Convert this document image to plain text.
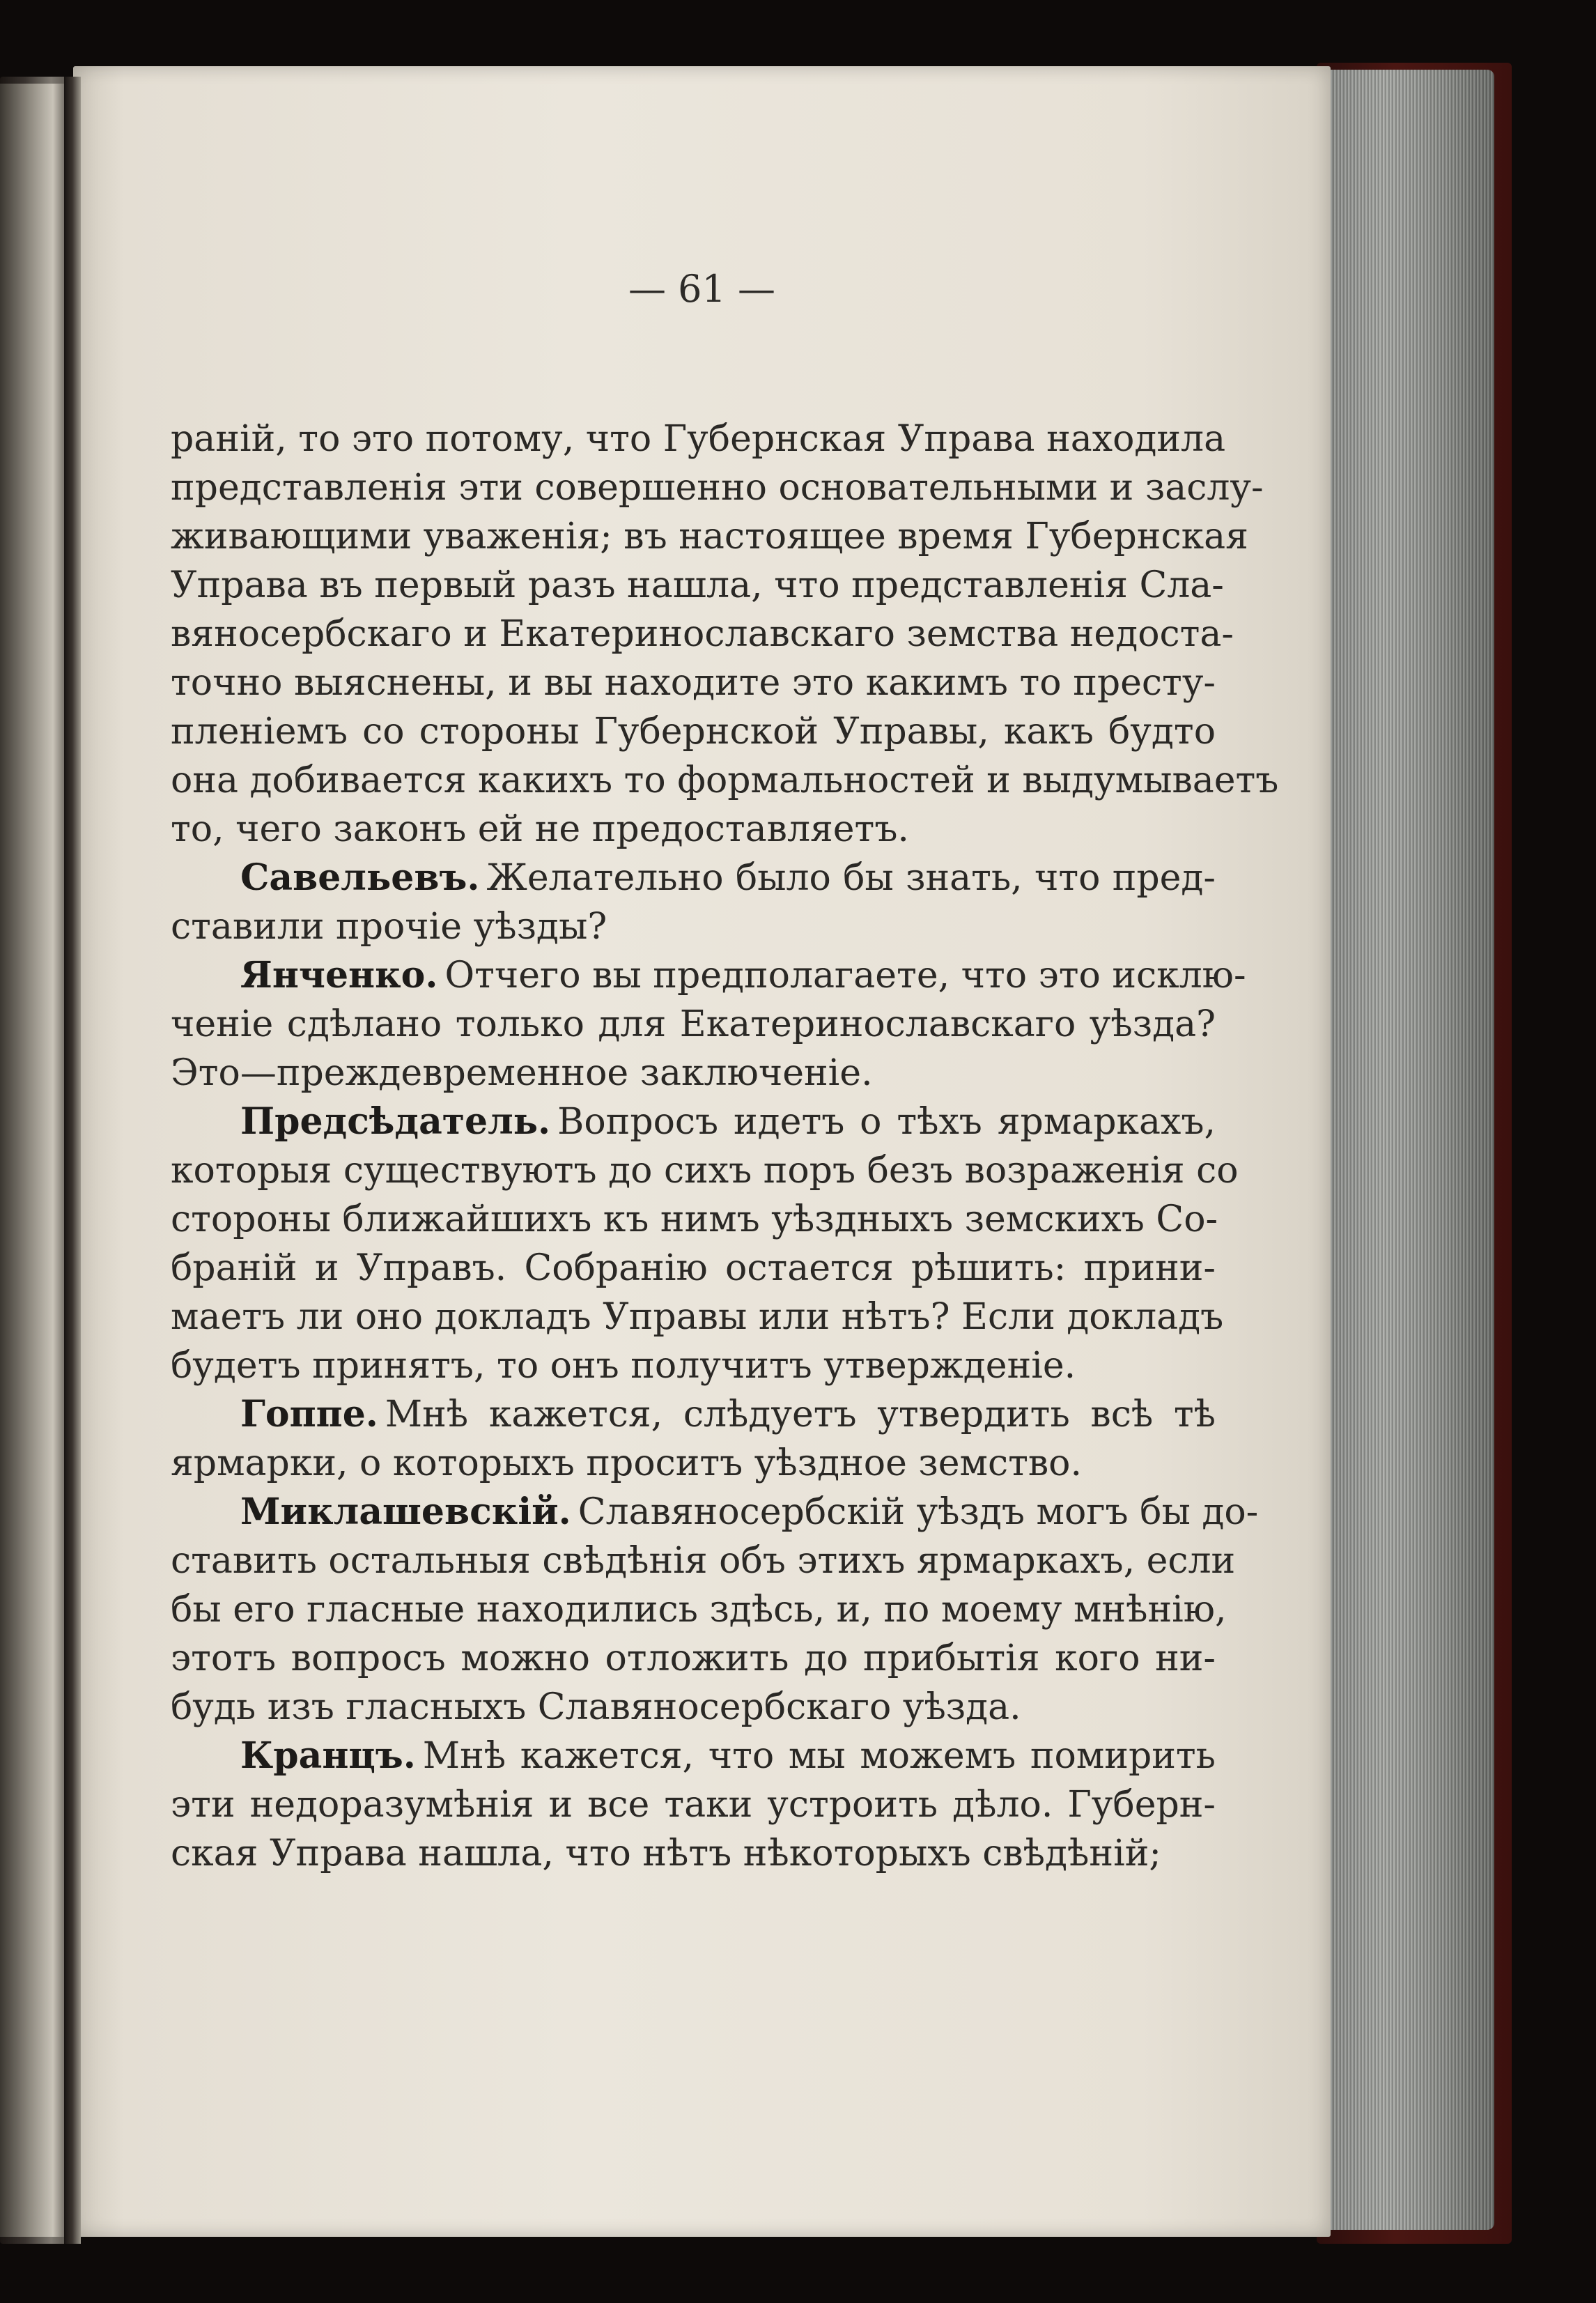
— 61 —
раній, то это потому, что Губернская Управа находила
представленія эти совершенно основательными и заслу-
живающими уваженія; въ настоящее время Губернская
Управа въ первый разъ нашла, что представленія Сла-
вяносербскаго и Екатеринославскаго земства недоста-
точно выяснены, и вы находите это какимъ то престу-
пленіемъ со стороны Губернской Управы, какъ будто
она добивается какихъ то формальностей и выдумываетъ
то, чего законъ ей не предоставляетъ.
Савельевъ. Желательно было бы знать, что пред-
ставили прочіе уѣзды?
Янченко. Отчего вы предполагаете, что это исклю-
ченіе сдѣлано только для Екатеринославскаго уѣзда?
Это—преждевременное заключеніе.
Предсѣдатель. Вопросъ идетъ о тѣхъ ярмаркахъ,
которыя существуютъ до сихъ поръ безъ возраженія со
стороны ближайшихъ къ нимъ уѣздныхъ земскихъ Со-
браній и Управъ. Собранію остается рѣшить: прини-
маетъ ли оно докладъ Управы или нѣтъ? Если докладъ
будетъ принятъ, то онъ получитъ утвержденіе.
Гоппе. Мнѣ кажется, слѣдуетъ утвердить всѣ тѣ
ярмарки, о которыхъ проситъ уѣздное земство.
Миклашевскій. Славяносербскій уѣздъ могъ бы до-
ставить остальныя свѣдѣнія объ этихъ ярмаркахъ, если
бы его гласные находились здѣсь, и, по моему мнѣнію,
этотъ вопросъ можно отложить до прибытія кого ни-
будь изъ гласныхъ Славяносербскаго уѣзда.
Кранцъ. Мнѣ кажется, что мы можемъ помирить
эти недоразумѣнія и все таки устроить дѣло. Губерн-
ская Управа нашла, что нѣтъ нѣкоторыхъ свѣдѣній;
